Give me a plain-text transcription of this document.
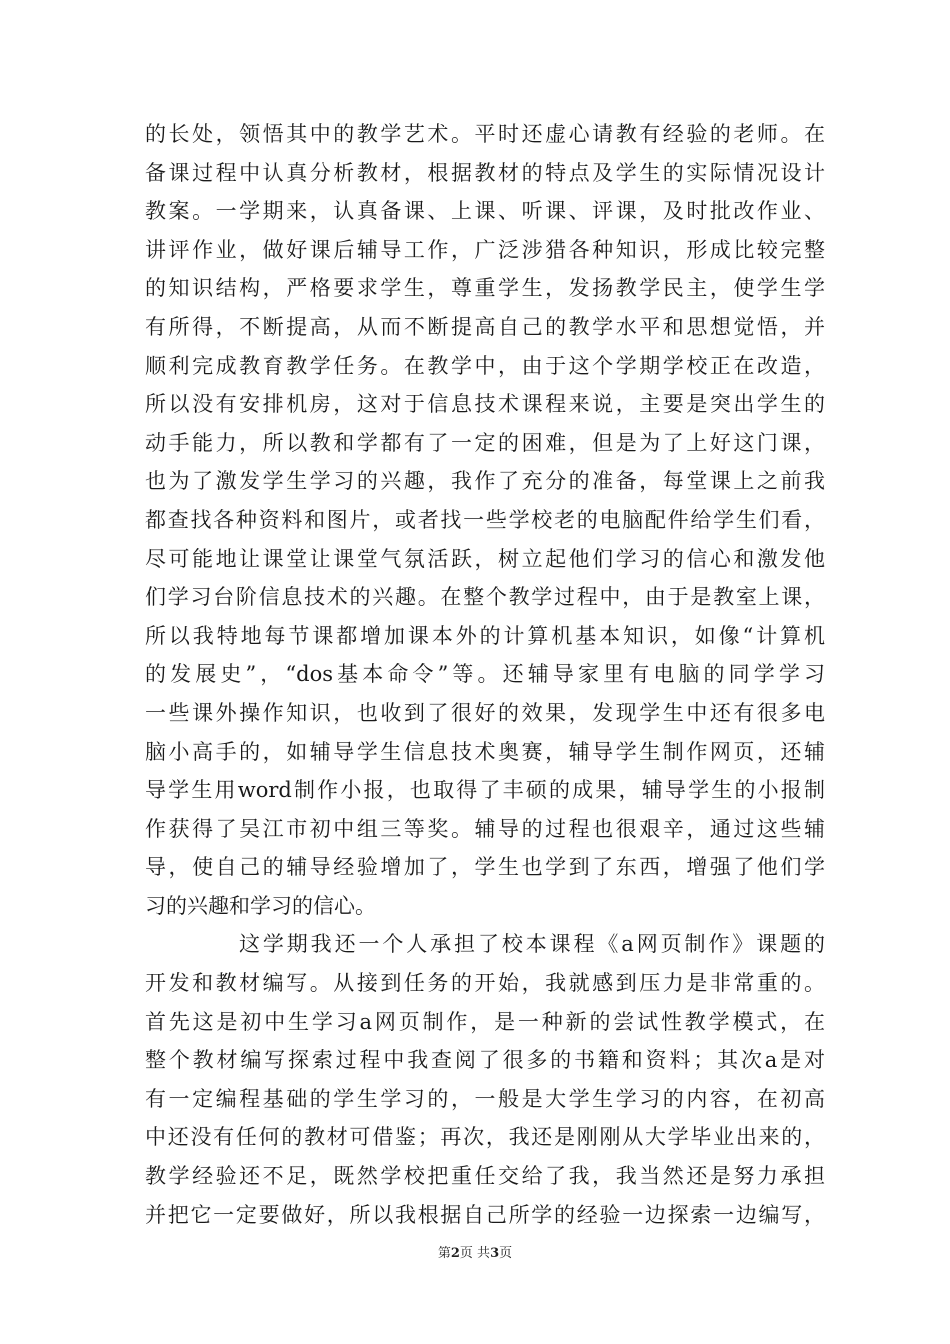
的长处，领悟其中的教学艺术。平时还虚心请教有经验的老师。在
备课过程中认真分析教材，根据教材的特点及学生的实际情况设计
教案。一学期来，认真备课、上课、听课、评课，及时批改作业、
讲评作业，做好课后辅导工作，广泛涉猎各种知识，形成比较完整
的知识结构，严格要求学生，尊重学生，发扬教学民主，使学生学
有所得，不断提高，从而不断提高自己的教学水平和思想觉悟，并
顺利完成教育教学任务。在教学中，由于这个学期学校正在改造，
所以没有安排机房，这对于信息技术课程来说，主要是突出学生的
动手能力，所以教和学都有了一定的困难，但是为了上好这门课，
也为了激发学生学习的兴趣，我作了充分的准备，每堂课上之前我
都查找各种资料和图片，或者找一些学校老的电脑配件给学生们看，
尽可能地让课堂让课堂气氛活跃，树立起他们学习的信心和激发他
们学习台阶信息技术的兴趣。在整个教学过程中，由于是教室上课，
所以我特地每节课都增加课本外的计算机基本知识，如像“计算机
的发展史”，“dos基本命令”等。还辅导家里有电脑的同学学习
一些课外操作知识，也收到了很好的效果，发现学生中还有很多电
脑小高手的，如辅导学生信息技术奥赛，辅导学生制作网页，还辅
导学生用word制作小报，也取得了丰硕的成果，辅导学生的小报制
作获得了吴江市初中组三等奖。辅导的过程也很艰辛，通过这些辅
导，使自己的辅导经验增加了，学生也学到了东西，增强了他们学
习的兴趣和学习的信心。
这学期我还一个人承担了校本课程《a网页制作》课题的
开发和教材编写。从接到任务的开始，我就感到压力是非常重的。
首先这是初中生学习a网页制作，是一种新的尝试性教学模式，在
整个教材编写探索过程中我查阅了很多的书籍和资料；其次a是对
有一定编程基础的学生学习的，一般是大学生学习的内容，在初高
中还没有任何的教材可借鉴；再次，我还是刚刚从大学毕业出来的，
教学经验还不足，既然学校把重任交给了我，我当然还是努力承担
并把它一定要做好，所以我根据自己所学的经验一边探索一边编写，
第2页 共3页
